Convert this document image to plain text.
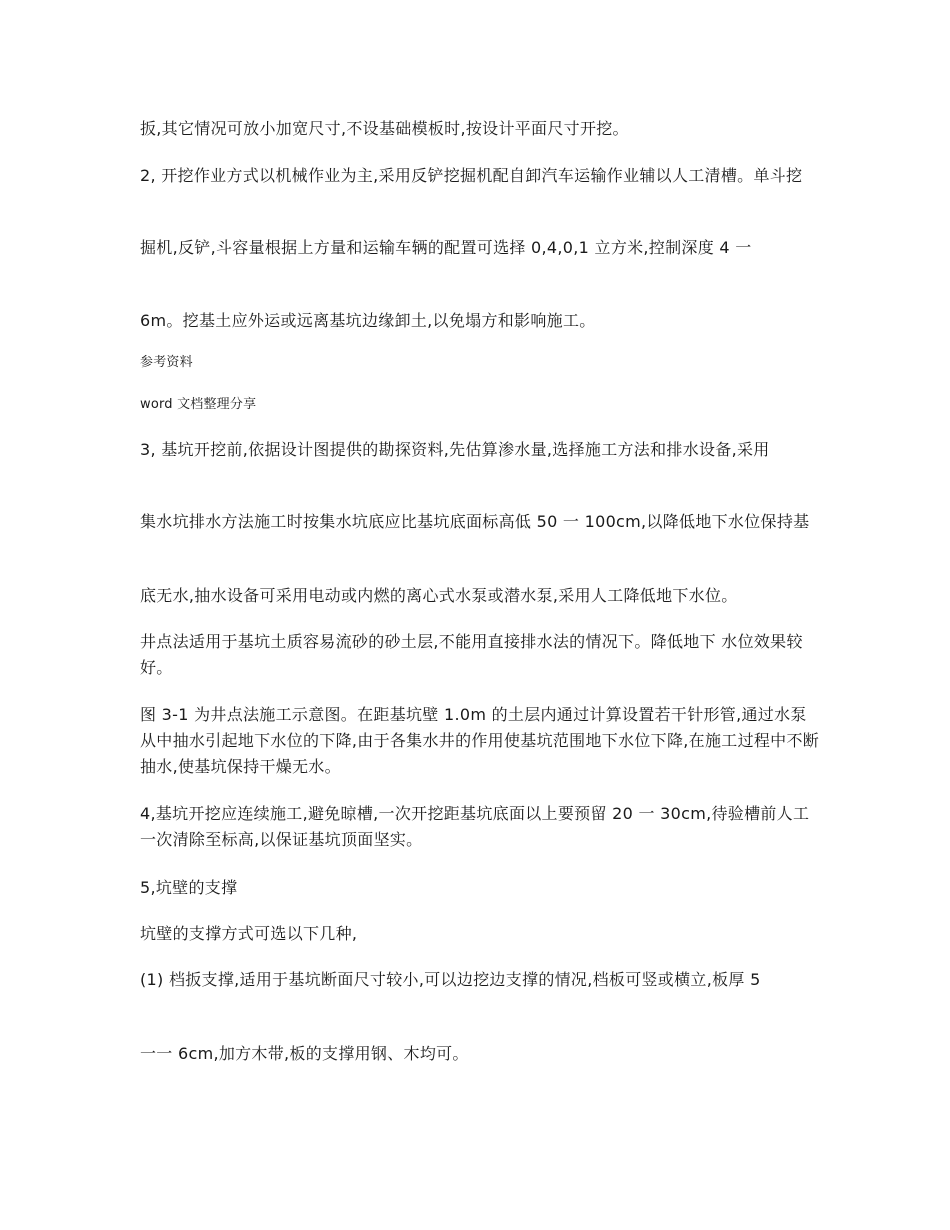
扳,其它情况可放小加宽尺寸,不设基础模板时,按设计平面尺寸开挖。

2, 开挖作业方式以机械作业为主,采用反铲挖掘机配自卸汽车运输作业辅以人工清槽。单斗挖

掘机,反铲,斗容量根据上方量和运输车辆的配置可选择 0,4,0,1 立方米,控制深度 4 一

6m。挖基土应外运或远离基坑边缘卸土,以免塌方和影响施工。

参考资料

word 文档整理分享

3, 基坑开挖前,依据设计图提供的勘探资料,先估算渗水量,选择施工方法和排水设备,采用

集水坑排水方法施工时按集水坑底应比基坑底面标高低 50 一 100cm,以降低地下水位保持基

底无水,抽水设备可采用电动或内燃的离心式水泵或潜水泵,采用人工降低地下水位。

井点法适用于基坑土质容易流砂的砂土层,不能用直接排水法的情况下。降低地下 水位效果较好。

图 3-1 为井点法施工示意图。在距基坑壁 1.0m 的土层内通过计算设置若干针形管,通过水泵从中抽水引起地下水位的下降,由于各集水井的作用使基坑范围地下水位下降,在施工过程中不断抽水,使基坑保持干燥无水。

4,基坑开挖应连续施工,避免晾槽,一次开挖距基坑底面以上要预留 20 一 30cm,待验槽前人工一次清除至标高,以保证基坑顶面坚实。

5,坑壁的支撑

坑壁的支撑方式可选以下几种,

(1) 档扳支撑,适用于基坑断面尺寸较小,可以边挖边支撑的情况,档板可竖或横立,板厚 5

一一 6cm,加方木带,板的支撑用钢、木均可。
